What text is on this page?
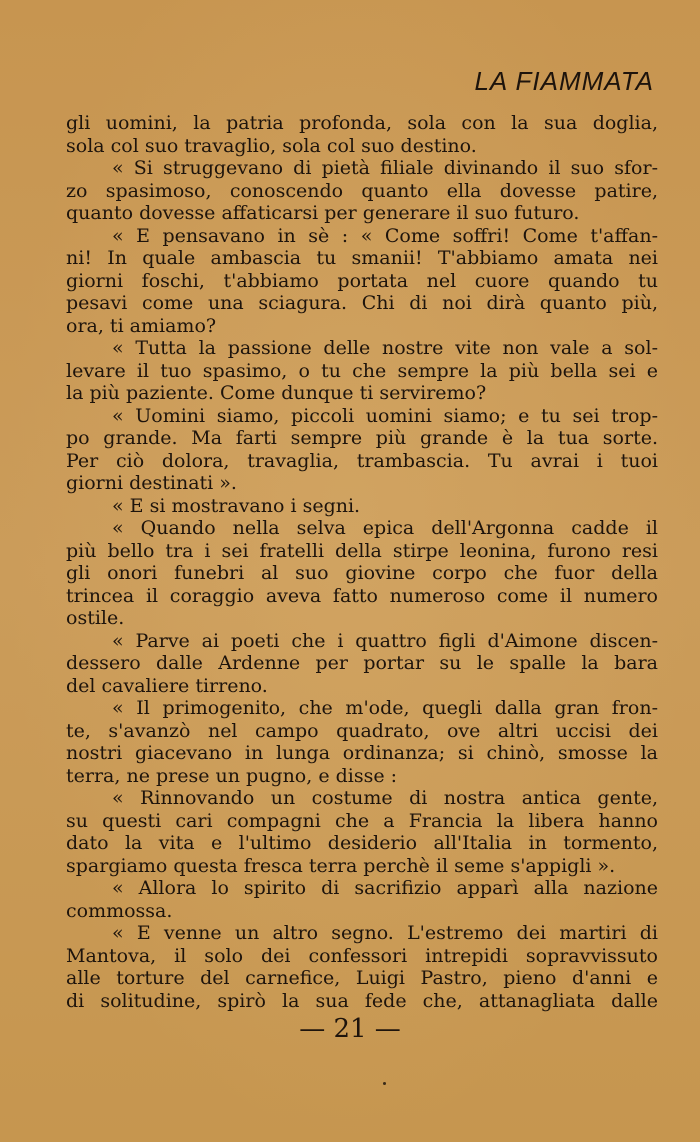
LA FIAMMATA
gli uomini, la patria profonda, sola con la sua doglia,
sola col suo travaglio, sola col suo destino.
« Si struggevano di pietà filiale divinando il suo sfor-
zo spasimoso, conoscendo quanto ella dovesse patire,
quanto dovesse affaticarsi per generare il suo futuro.
« E pensavano in sè : « Come soffri! Come t'affan-
ni! In quale ambascia tu smanii! T'abbiamo amata nei
giorni foschi, t'abbiamo portata nel cuore quando tu
pesavi come una sciagura. Chi di noi dirà quanto più,
ora, ti amiamo?
« Tutta la passione delle nostre vite non vale a sol-
levare il tuo spasimo, o tu che sempre la più bella sei e
la più paziente. Come dunque ti serviremo?
« Uomini siamo, piccoli uomini siamo; e tu sei trop-
po grande. Ma farti sempre più grande è la tua sorte.
Per ciò dolora, travaglia, trambascia. Tu avrai i tuoi
giorni destinati ».
« E si mostravano i segni.
« Quando nella selva epica dell'Argonna cadde il
più bello tra i sei fratelli della stirpe leonina, furono resi
gli onori funebri al suo giovine corpo che fuor della
trincea il coraggio aveva fatto numeroso come il numero
ostile.
« Parve ai poeti che i quattro figli d'Aimone discen-
dessero dalle Ardenne per portar su le spalle la bara
del cavaliere tirreno.
« Il primogenito, che m'ode, quegli dalla gran fron-
te, s'avanzò nel campo quadrato, ove altri uccisi dei
nostri giacevano in lunga ordinanza; si chinò, smosse la
terra, ne prese un pugno, e disse :
« Rinnovando un costume di nostra antica gente,
su questi cari compagni che a Francia la libera hanno
dato la vita e l'ultimo desiderio all'Italia in tormento,
spargiamo questa fresca terra perchè il seme s'appigli ».
« Allora lo spirito di sacrifizio apparì alla nazione
commossa.
« E venne un altro segno. L'estremo dei martiri di
Mantova, il solo dei confessori intrepidi sopravvissuto
alle torture del carnefice, Luigi Pastro, pieno d'anni e
di solitudine, spirò la sua fede che, attanagliata dalle
— 21 —
